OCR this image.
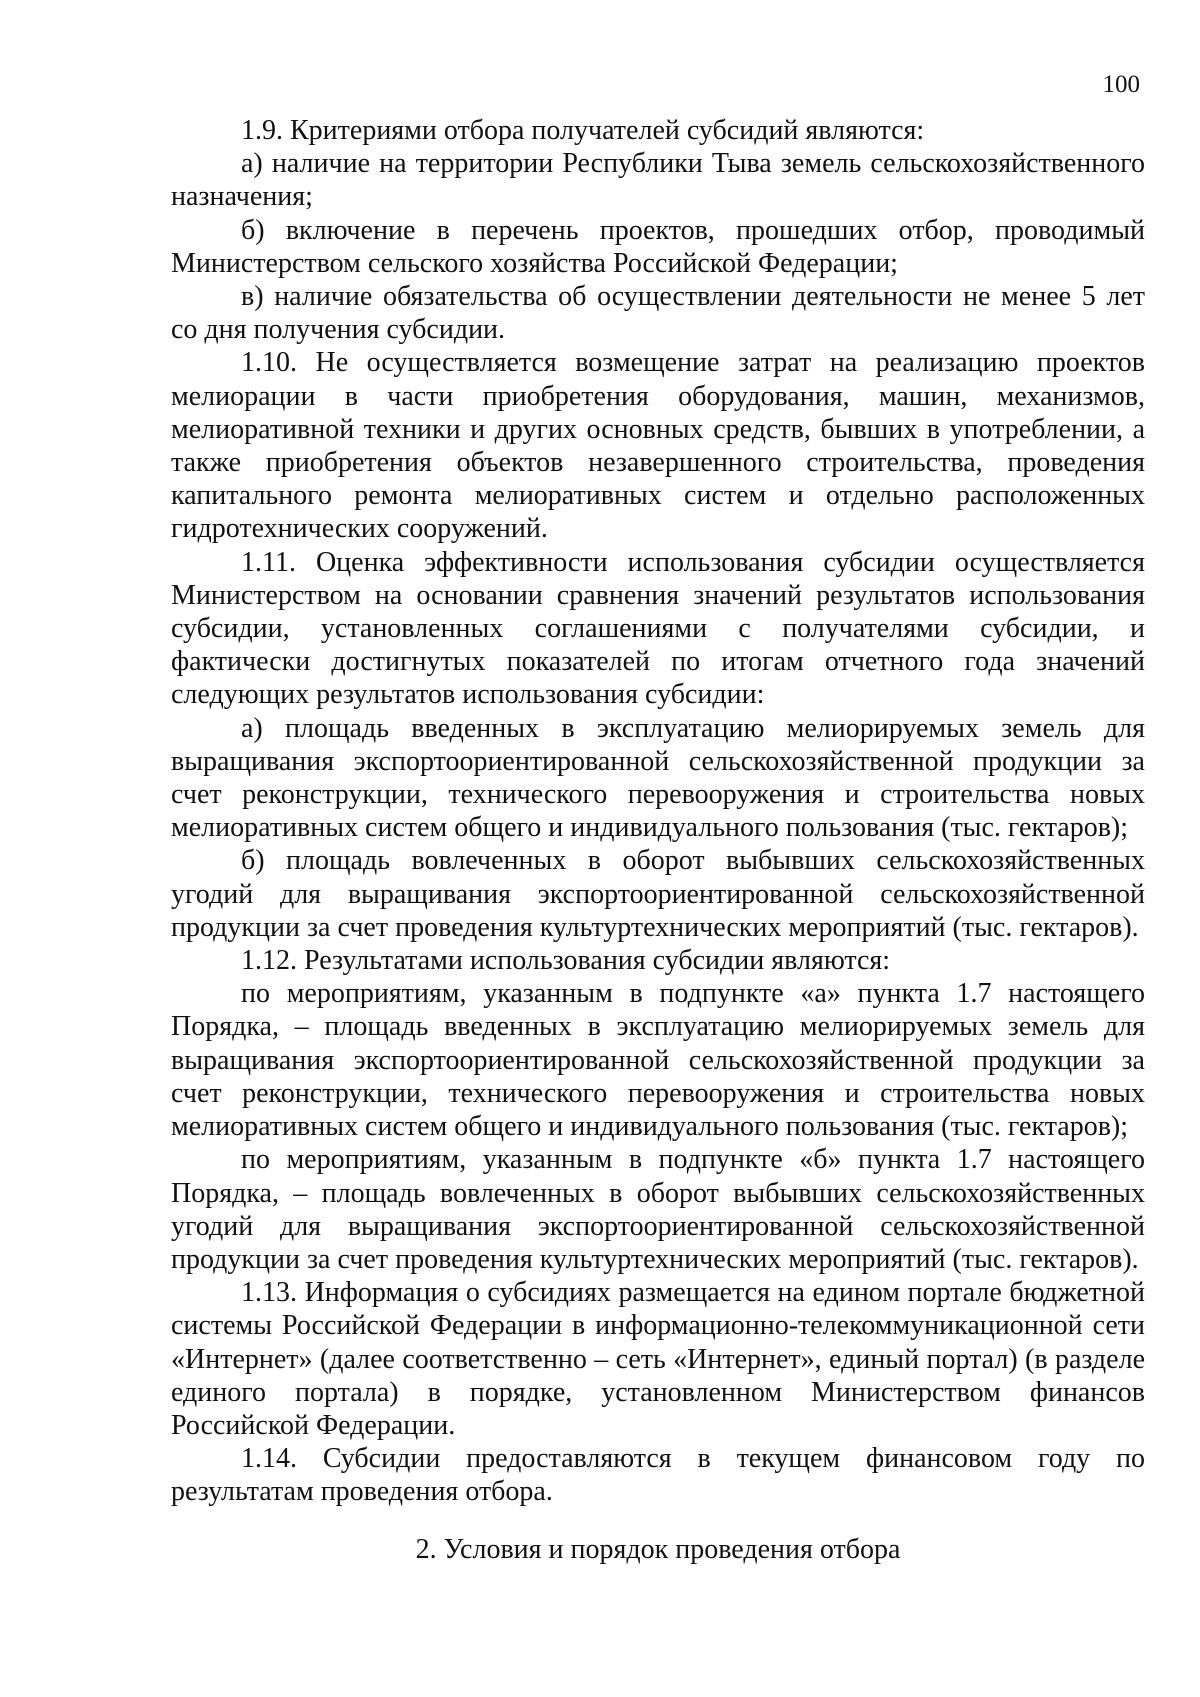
100

1.9. Критериями отбора получателей субсидий являются:

а) наличие на территории Республики Тыва земель сельскохозяйственного назначения;

б) включение в перечень проектов, прошедших отбор, проводимый Министерством сельского хозяйства Российской Федерации;

в) наличие обязательства об осуществлении деятельности не менее 5 лет со дня получения субсидии.

1.10. Не осуществляется возмещение затрат на реализацию проектов мелиорации в части приобретения оборудования, машин, механизмов, мелиоративной техники и других основных средств, бывших в употреблении, а также приобретения объектов незавершенного строительства, проведения капитального ремонта мелиоративных систем и отдельно расположенных гидротехнических сооружений.

1.11. Оценка эффективности использования субсидии осуществляется Министерством на основании сравнения значений результатов использования субсидии, установленных соглашениями с получателями субсидии, и фактически достигнутых показателей по итогам отчетного года значений следующих результатов использования субсидии:

а) площадь введенных в эксплуатацию мелиорируемых земель для выращивания экспортоориентированной сельскохозяйственной продукции за счет реконструкции, технического перевооружения и строительства новых мелиоративных систем общего и индивидуального пользования (тыс. гектаров);

б) площадь вовлеченных в оборот выбывших сельскохозяйственных угодий для выращивания экспортоориентированной сельскохозяйственной продукции за счет проведения культуртехнических мероприятий (тыс. гектаров).

1.12. Результатами использования субсидии являются:

по мероприятиям, указанным в подпункте «а» пункта 1.7 настоящего Порядка, – площадь введенных в эксплуатацию мелиорируемых земель для выращивания экспортоориентированной сельскохозяйственной продукции за счет реконструкции, технического перевооружения и строительства новых мелиоративных систем общего и индивидуального пользования (тыс. гектаров);

по мероприятиям, указанным в подпункте «б» пункта 1.7 настоящего Порядка, – площадь вовлеченных в оборот выбывших сельскохозяйственных угодий для выращивания экспортоориентированной сельскохозяйственной продукции за счет проведения культуртехнических мероприятий (тыс. гектаров).

1.13. Информация о субсидиях размещается на едином портале бюджетной системы Российской Федерации в информационно-телекоммуникационной сети «Интернет» (далее соответственно – сеть «Интернет», единый портал) (в разделе единого портала) в порядке, установленном Министерством финансов Российской Федерации.

1.14. Субсидии предоставляются в текущем финансовом году по результатам проведения отбора.

2. Условия и порядок проведения отбора
